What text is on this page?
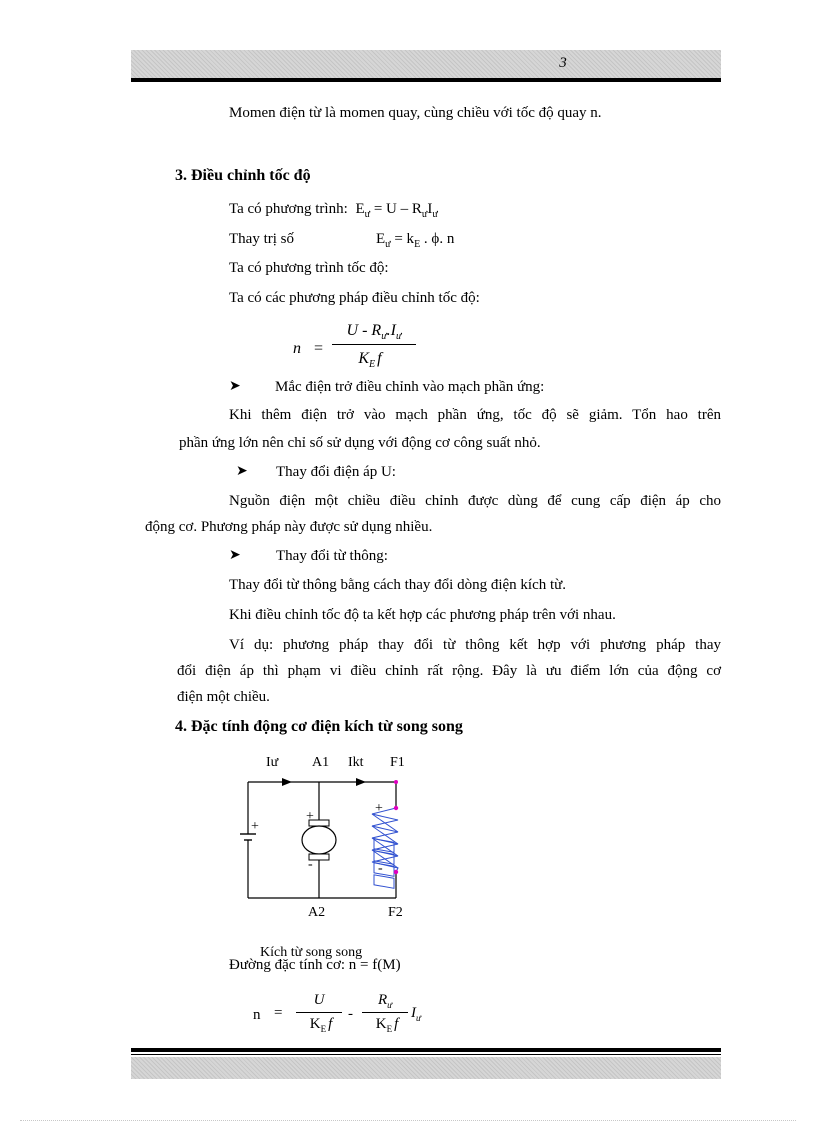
3
Momen điện từ là momen quay, cùng chiều với tốc độ quay n.
3. Điều chỉnh tốc độ
Ta có phương trình: $E_ư = U - R_ưI_ư$
Thay trị số	$E_ư = k_E$ . ϕ. n
Ta có phương trình tốc độ:
Ta có các phương pháp điều chỉnh tốc độ:
n =
U - $R_ư.I_ư$
$K_E$ f
➤ Mắc điện trở điều chỉnh vào mạch phần ứng:
Khi thêm điện trở vào mạch phần ứng, tốc độ sẽ giảm. Tổn hao trên
phần ứng lớn nên chỉ số sử dụng với động cơ công suất nhỏ.
➤ Thay đổi điện áp U:
Nguồn điện một chiều điều chỉnh được dùng để cung cấp điện áp cho
động cơ. Phương pháp này được sử dụng nhiều.
➤ Thay đổi từ thông:
Thay đổi từ thông bằng cách thay đổi dòng điện kích từ.
Khi điều chỉnh tốc độ ta kết hợp các phương pháp trên với nhau.
Ví dụ: phương pháp thay đổi từ thông kết hợp với phương pháp thay
đổi điện áp thì phạm vi điều chỉnh rất rộng. Đây là ưu điểm lớn của động cơ
điện một chiều.
4. Đặc tính động cơ điện kích từ song song
Iư A1 Ikt F1
+
+
-
+
-
A2	F2
Kích từ song song
Đường đặc tính cơ: n = f(M)
n =
U
$K_E$ f
-
$R_ư$
$K_E$ f
$I_ư$
